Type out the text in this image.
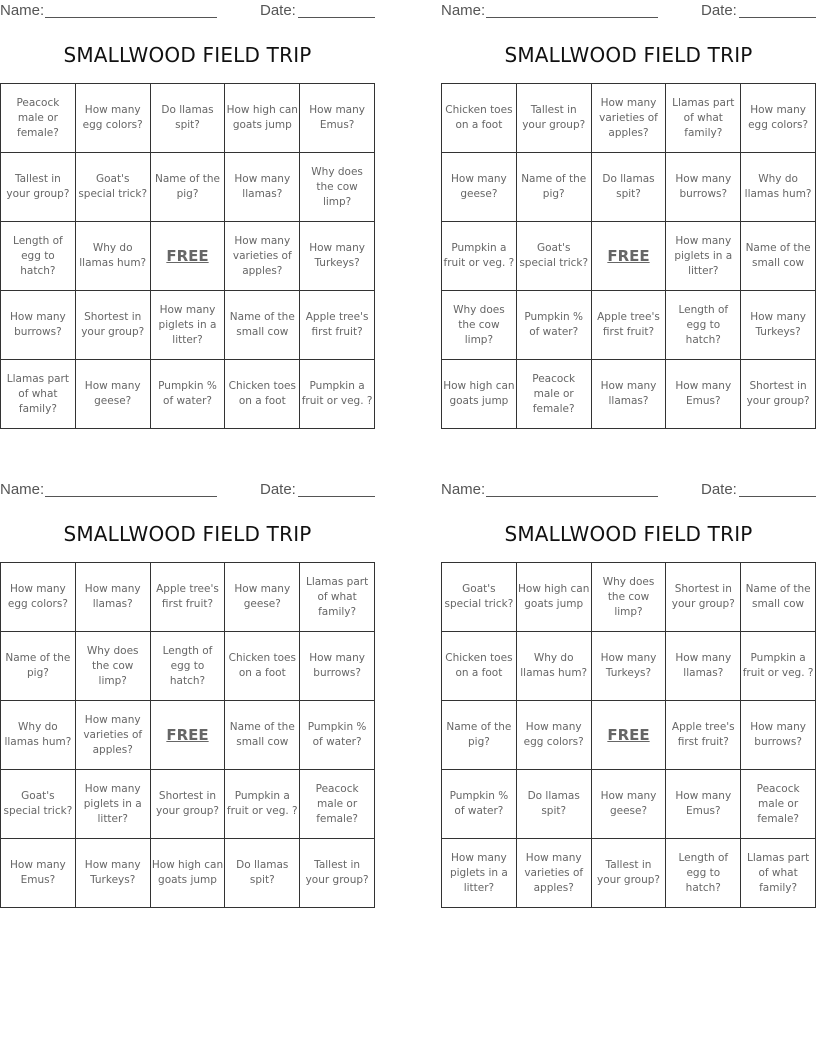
Name:	Date:
SMALLWOOD FIELD TRIP
Peacock male or female?	How many egg colors?	Do llamas spit?	How high can goats jump	How many Emus?
Tallest in your group?	Goat's special trick?	Name of the pig?	How many llamas?	Why does the cow limp?
Length of egg to hatch?	Why do llamas hum?	FREE	How many varieties of apples?	How many Turkeys?
How many burrows?	Shortest in your group?	How many piglets in a litter?	Name of the small cow	Apple tree's first fruit?
Llamas part of what family?	How many geese?	Pumpkin % of water?	Chicken toes on a foot	Pumpkin a fruit or veg. ?
Name:	Date:
SMALLWOOD FIELD TRIP
Chicken toes on a foot	Tallest in your group?	How many varieties of apples?	Llamas part of what family?	How many egg colors?
How many geese?	Name of the pig?	Do llamas spit?	How many burrows?	Why do llamas hum?
Pumpkin a fruit or veg. ?	Goat's special trick?	FREE	How many piglets in a litter?	Name of the small cow
Why does the cow limp?	Pumpkin % of water?	Apple tree's first fruit?	Length of egg to hatch?	How many Turkeys?
How high can goats jump	Peacock male or female?	How many llamas?	How many Emus?	Shortest in your group?
Name:	Date:
SMALLWOOD FIELD TRIP
How many egg colors?	How many llamas?	Apple tree's first fruit?	How many geese?	Llamas part of what family?
Name of the pig?	Why does the cow limp?	Length of egg to hatch?	Chicken toes on a foot	How many burrows?
Why do llamas hum?	How many varieties of apples?	FREE	Name of the small cow	Pumpkin % of water?
Goat's special trick?	How many piglets in a litter?	Shortest in your group?	Pumpkin a fruit or veg. ?	Peacock male or female?
How many Emus?	How many Turkeys?	How high can goats jump	Do llamas spit?	Tallest in your group?
Name:	Date:
SMALLWOOD FIELD TRIP
Goat's special trick?	How high can goats jump	Why does the cow limp?	Shortest in your group?	Name of the small cow
Chicken toes on a foot	Why do llamas hum?	How many Turkeys?	How many llamas?	Pumpkin a fruit or veg. ?
Name of the pig?	How many egg colors?	FREE	Apple tree's first fruit?	How many burrows?
Pumpkin % of water?	Do llamas spit?	How many geese?	How many Emus?	Peacock male or female?
How many piglets in a litter?	How many varieties of apples?	Tallest in your group?	Length of egg to hatch?	Llamas part of what family?
